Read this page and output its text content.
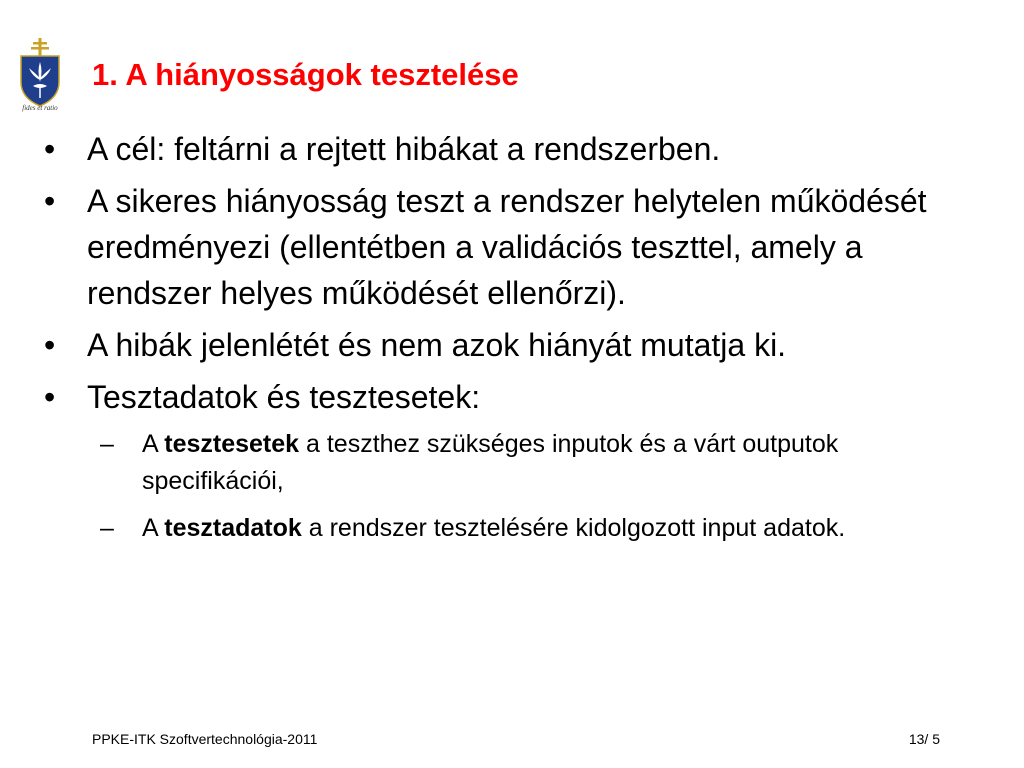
fides et ratio
1. A hiányosságok tesztelése
• A cél: feltárni a rejtett hibákat a rendszerben.
• A sikeres hiányosság teszt a rendszer helytelen működését eredményezi (ellentétben a validációs teszttel, amely a rendszer helyes működését ellenőrzi).
• A hibák jelenlétét és nem azok hiányát mutatja ki.
• Tesztadatok és tesztesetek:
– A tesztesetek a teszthez szükséges inputok és a várt outputok specifikációi,
– A tesztadatok a rendszer tesztelésére kidolgozott input adatok.
PPKE-ITK Szoftvertechnológia-2011	13/ 5
